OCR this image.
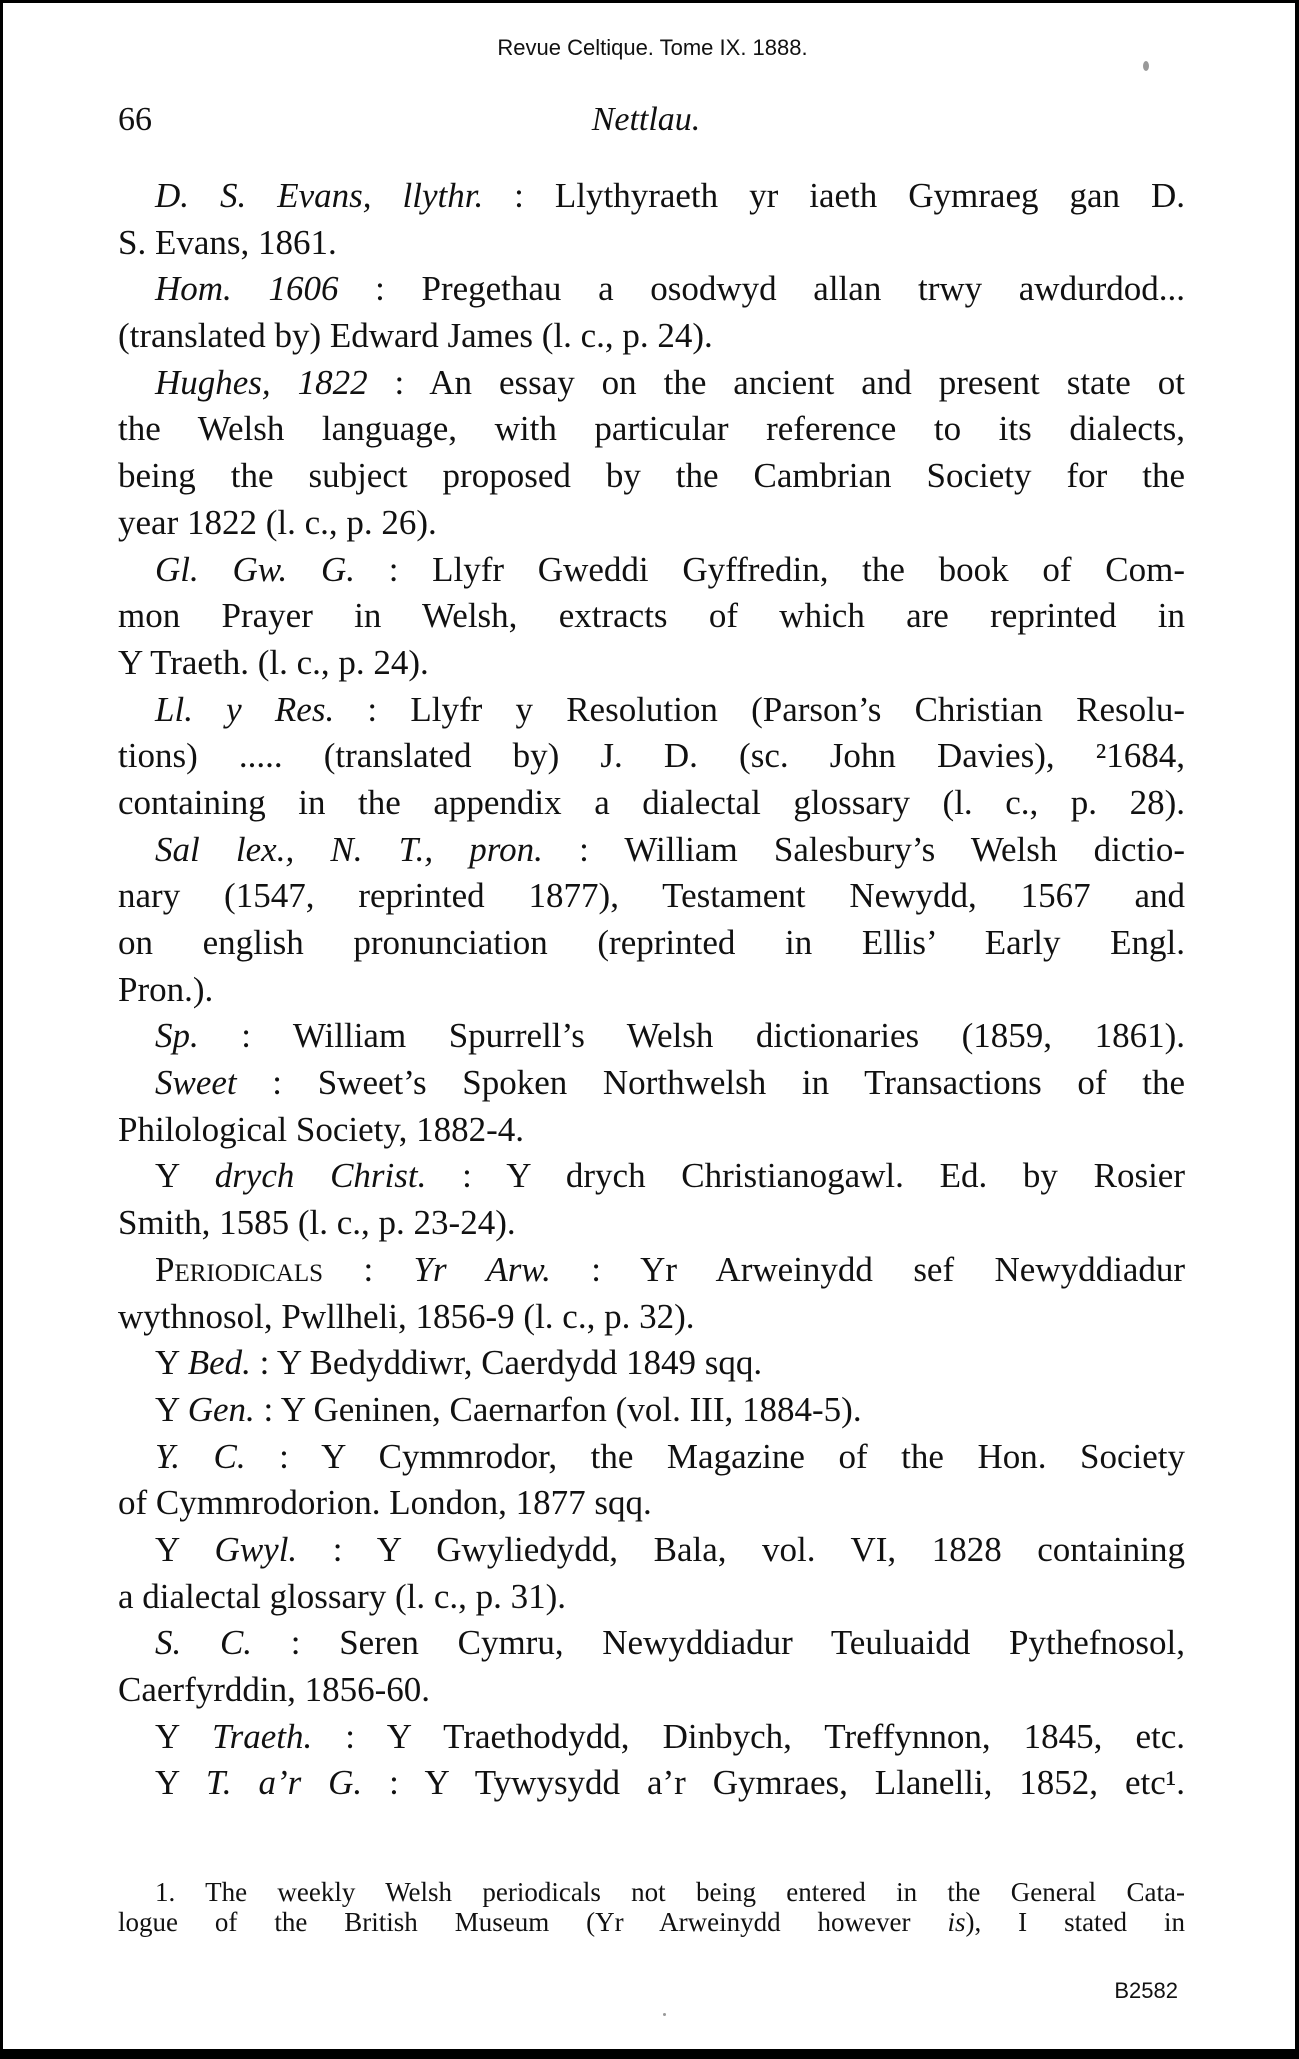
Revue Celtique. Tome IX. 1888.
66	Nettlau.
D. S. Evans, llythr. : Llythyraeth yr iaeth Gymraeg gan D.
S. Evans, 1861.
Hom. 1606 : Pregethau a osodwyd allan trwy awdurdod...
(translated by) Edward James (l. c., p. 24).
Hughes, 1822 : An essay on the ancient and present state ot
the Welsh language, with particular reference to its dialects,
being the subject proposed by the Cambrian Society for the
year 1822 (l. c., p. 26).
Gl. Gw. G. : Llyfr Gweddi Gyffredin, the book of Com-
mon Prayer in Welsh, extracts of which are reprinted in
Y Traeth. (l. c., p. 24).
Ll. y Res. : Llyfr y Resolution (Parson’s Christian Resolu-
tions) ..... (translated by) J. D. (sc. John Davies), ²1684,
containing in the appendix a dialectal glossary (l. c., p. 28).
Sal lex., N. T., pron. : William Salesbury’s Welsh dictio-
nary (1547, reprinted 1877), Testament Newydd, 1567 and
on english pronunciation (reprinted in Ellis’ Early Engl.
Pron.).
Sp. : William Spurrell’s Welsh dictionaries (1859, 1861).
Sweet : Sweet’s Spoken Northwelsh in Transactions of the
Philological Society, 1882-4.
Y drych Christ. : Y drych Christianogawl. Ed. by Rosier
Smith, 1585 (l. c., p. 23-24).
Periodicals : Yr Arw. : Yr Arweinydd sef Newyddiadur
wythnosol, Pwllheli, 1856-9 (l. c., p. 32).
Y Bed. : Y Bedyddiwr, Caerdydd 1849 sqq.
Y Gen. : Y Geninen, Caernarfon (vol. III, 1884-5).
Y. C. : Y Cymmrodor, the Magazine of the Hon. Society
of Cymmrodorion. London, 1877 sqq.
Y Gwyl. : Y Gwyliedydd, Bala, vol. VI, 1828 containing
a dialectal glossary (l. c., p. 31).
S. C. : Seren Cymru, Newyddiadur Teuluaidd Pythefnosol,
Caerfyrddin, 1856-60.
Y Traeth. : Y Traethodydd, Dinbych, Treffynnon, 1845, etc.
Y T. a’r G. : Y Tywysydd a’r Gymraes, Llanelli, 1852, etc¹.
1. The weekly Welsh periodicals not being entered in the General Cata-
logue of the British Museum (Yr Arweinydd however is), I stated in
B2582
